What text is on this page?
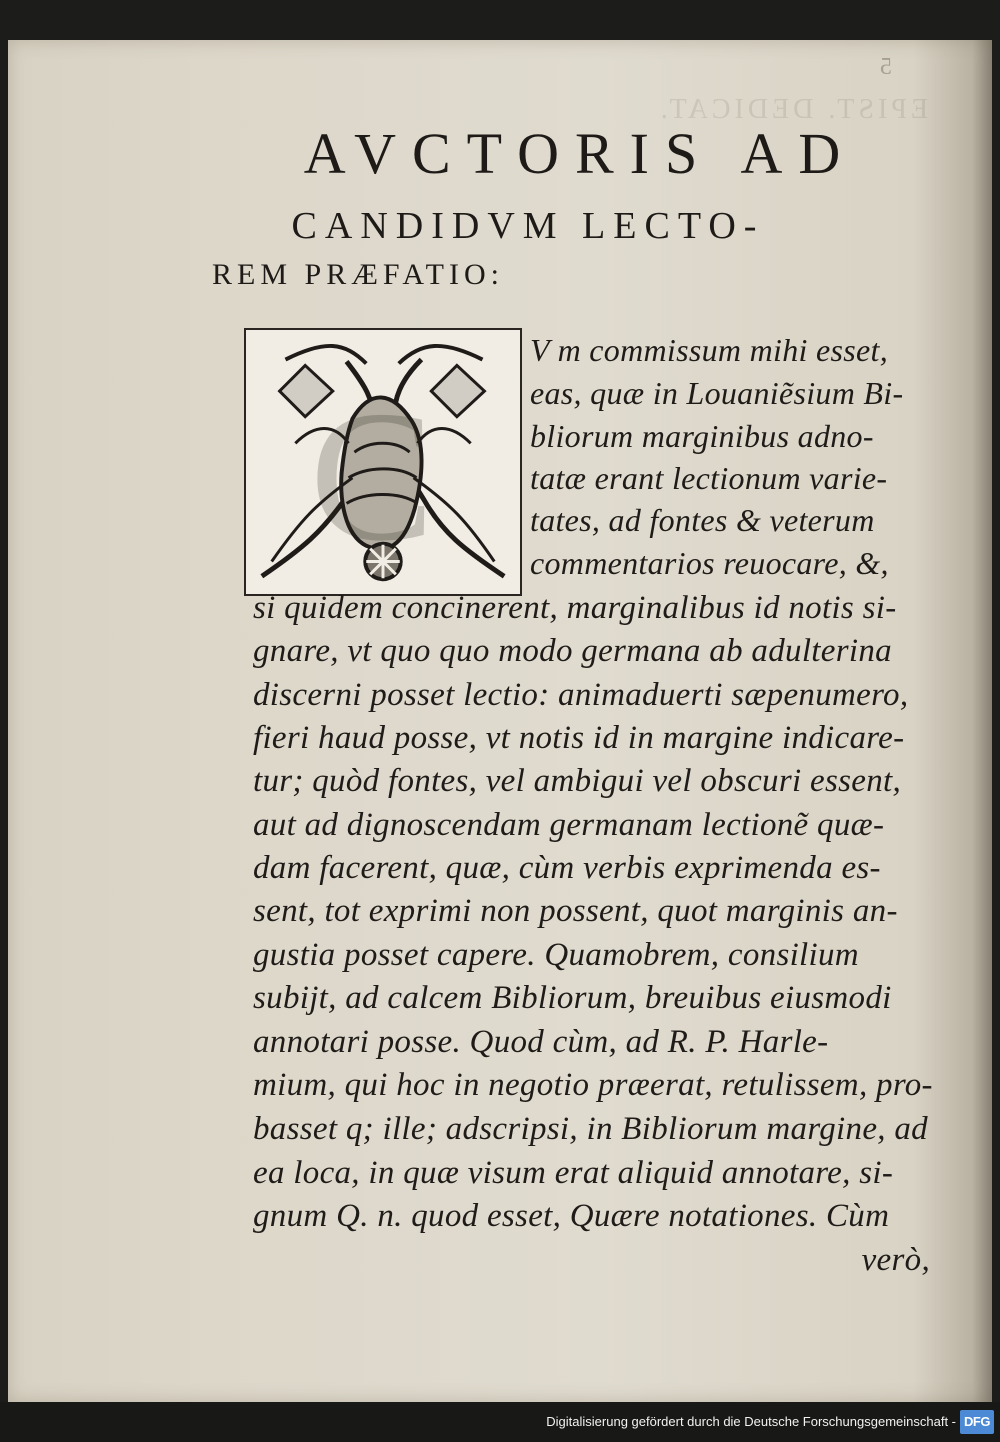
5
EPIST. DEDICAT.
AVCTORIS AD
CANDIDVM LECTO-
REM PRÆFATIO:
C
V m commissum mihi esset,
eas, quæ in Louaniẽsium Bi-
bliorum marginibus adno-
tatæ erant lectionum varie-
tates, ad fontes & veterum
commentarios reuocare, &,
si quidem concinerent, marginalibus id notis si-
gnare, vt quo quo modo germana ab adulterina
discerni posset lectio: animaduerti sæpenumero,
fieri haud posse, vt notis id in margine indicare-
tur; quòd fontes, vel ambigui vel obscuri essent,
aut ad dignoscendam germanam lectionẽ quæ-
dam facerent, quæ, cùm verbis exprimenda es-
sent, tot exprimi non possent, quot marginis an-
gustia posset capere. Quamobrem, consilium
subijt, ad calcem Bibliorum, breuibus eiusmodi
annotari posse. Quod cùm, ad R. P. Harle-
mium, qui hoc in negotio præerat, retulissem, pro-
basset q; ille; adscripsi, in Bibliorum margine, ad
ea loca, in quæ visum erat aliquid annotare, si-
gnum Q. n. quod esset, Quære notationes. Cùm
verò,
Digitalisierung gefördert durch die Deutsche Forschungsgemeinschaft - DFG
